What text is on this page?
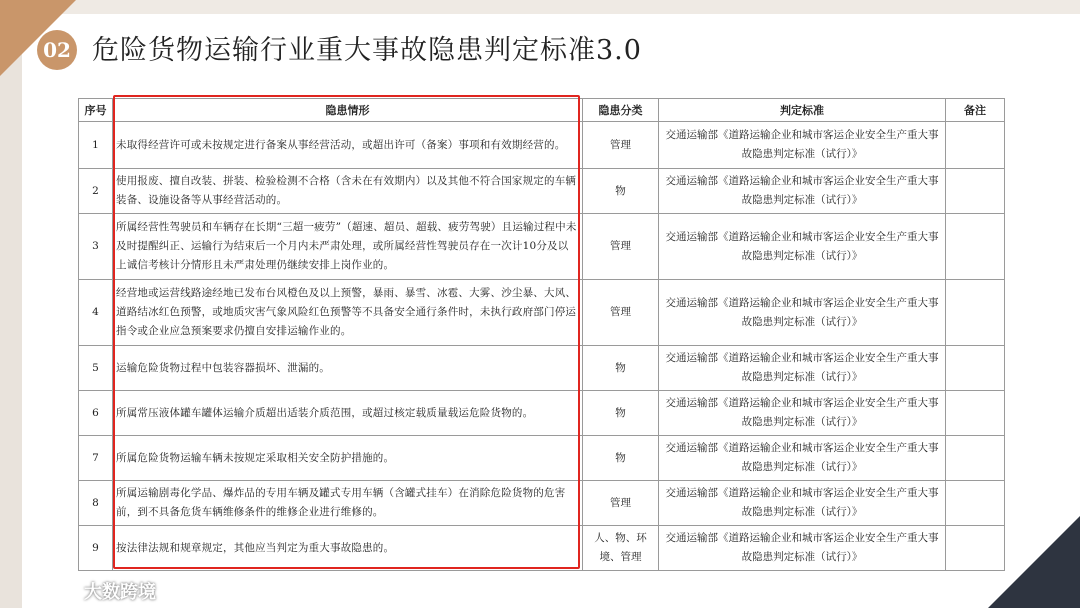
02 危险货物运输行业重大事故隐患判定标准3.0
序号	隐患情形	隐患分类	判定标准	备注
1	未取得经营许可或未按规定进行备案从事经营活动，或超出许可（备案）事项和有效期经营的。	管理	交通运输部《道路运输企业和城市客运企业安全生产重大事故隐患判定标准（试行）》	
2	使用报废、擅自改装、拼装、检验检测不合格（含未在有效期内）以及其他不符合国家规定的车辆装备、设施设备等从事经营活动的。	物	交通运输部《道路运输企业和城市客运企业安全生产重大事故隐患判定标准（试行）》	
3	所属经营性驾驶员和车辆存在长期“三超一疲劳”（超速、超员、超载、疲劳驾驶）且运输过程中未及时提醒纠正、运输行为结束后一个月内未严肃处理，或所属经营性驾驶员存在一次计10分及以上诚信考核计分情形且未严肃处理仍继续安排上岗作业的。	管理	交通运输部《道路运输企业和城市客运企业安全生产重大事故隐患判定标准（试行）》	
4	经营地或运营线路途经地已发布台风橙色及以上预警，暴雨、暴雪、冰雹、大雾、沙尘暴、大风、道路结冰红色预警，或地质灾害气象风险红色预警等不具备安全通行条件时，未执行政府部门停运指令或企业应急预案要求仍擅自安排运输作业的。	管理	交通运输部《道路运输企业和城市客运企业安全生产重大事故隐患判定标准（试行）》	
5	运输危险货物过程中包装容器损坏、泄漏的。	物	交通运输部《道路运输企业和城市客运企业安全生产重大事故隐患判定标准（试行）》	
6	所属常压液体罐车罐体运输介质超出适装介质范围，或超过核定载质量载运危险货物的。	物	交通运输部《道路运输企业和城市客运企业安全生产重大事故隐患判定标准（试行）》	
7	所属危险货物运输车辆未按规定采取相关安全防护措施的。	物	交通运输部《道路运输企业和城市客运企业安全生产重大事故隐患判定标准（试行）》	
8	所属运输剧毒化学品、爆炸品的专用车辆及罐式专用车辆（含罐式挂车）在消除危险货物的危害前，到不具备危货车辆维修条件的维修企业进行维修的。	管理	交通运输部《道路运输企业和城市客运企业安全生产重大事故隐患判定标准（试行）》	
9	按法律法规和规章规定，其他应当判定为重大事故隐患的。	人、物、环境、管理	交通运输部《道路运输企业和城市客运企业安全生产重大事故隐患判定标准（试行）》	
大数跨境
